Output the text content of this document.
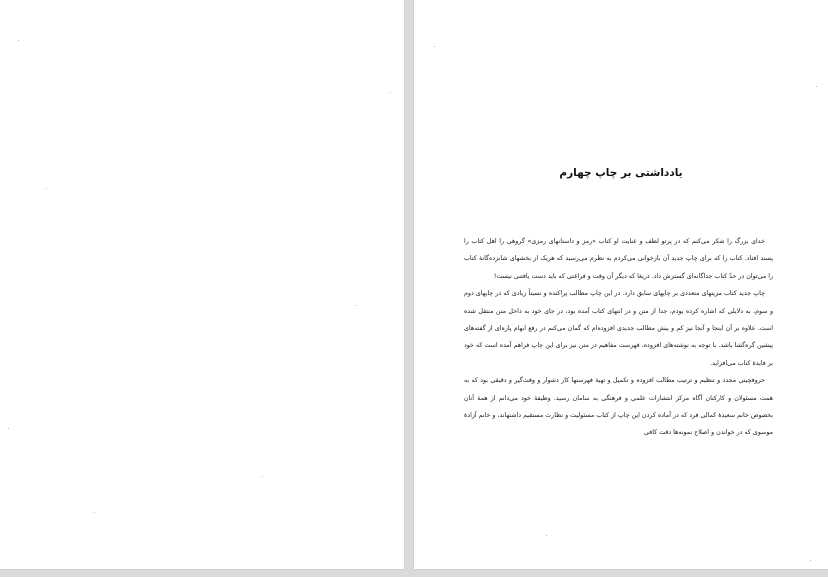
یادداشتی بر چاپ چهارم

خدای بزرگ را شکر می‌کنم که در پرتو لطف و عنایت او کتاب «رمز و داستانهای رمزی» گروهی را اهل کتاب را پسند افتاد. کتاب را که برای چاپ جدید آن بازخوانی می‌کردم به نظرم می‌رسید که هریک از بخشهای شانزده‌گانهٔ کتاب را می‌توان در حدّ کتاب جداگانه‌ای گسترش داد. دریغا که دیگر آن وقت و فراغتی که باید دست یافتنی نیست!

چاپ جدید کتاب مزیتهای متعددی بر چاپهای سابق دارد. در این چاپ مطالب پراکنده و نسبتاً زیادی که در چاپهای دوم و سوم، به دلایلی که اشاره کرده بودم، جدا از متن و در انتهای کتاب آمده بود، در جای خود به داخل متن منتقل شده است. علاوه بر آن اینجا و آنجا نیز کم و بیش مطالب جدیدی افزوده‌ام که گمان می‌کنم در رفع ابهام پاره‌ای از گفته‌های پیشین گره‌گشا باشد. با توجه به نوشته‌های افزوده، فهرست مفاهیم در متن نیز برای این چاپ فراهم آمده است که خود بر فایدهٔ کتاب می‌افزاید.

حروفچینی مجدد و تنظیم و ترتیب مطالب افزوده و تکمیل و تهیهٔ فهرستها کار دشوار و وقت‌گیر و دقیقی بود که به همت مسئولان و کارکنان آگاه مرکز انتشارات علمی و فرهنگی به سامان رسید. وظیفهٔ خود می‌دانم از همهٔ آنان بخصوص خانم سعیدهٔ کمالی فرد که در آماده کردن این چاپ از کتاب مسئولیت و نظارت مستقیم داشتهاند، و خانم آزادهٔ موسوی که در خواندن و اصلاح نمونه‌ها دقت کافی
